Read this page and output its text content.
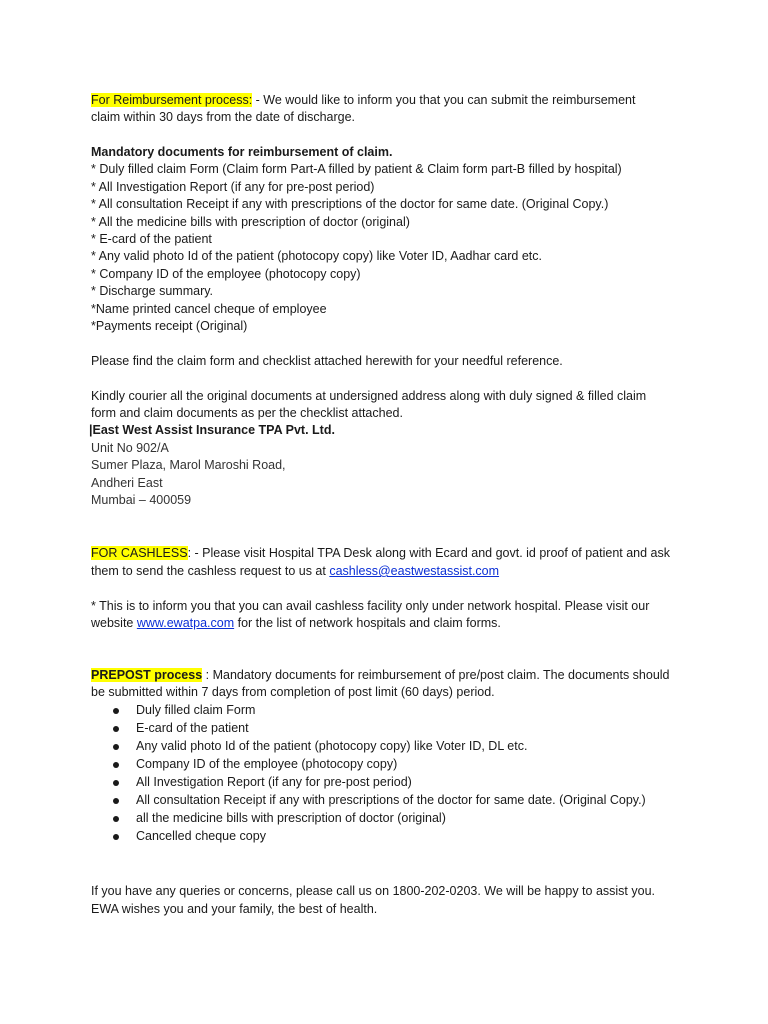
For Reimbursement process: - We would like to inform you that you can submit the reimbursement
claim within 30 days from the date of discharge.
Mandatory documents for reimbursement of claim.
* Duly filled claim Form (Claim form Part-A filled by patient & Claim form part-B filled by hospital)
* All Investigation Report (if any for pre-post period)
* All consultation Receipt if any with prescriptions of the doctor for same date. (Original Copy.)
* All the medicine bills with prescription of doctor (original)
* E-card of the patient
* Any valid photo Id of the patient (photocopy copy) like Voter ID, Aadhar card etc.
* Company ID of the employee (photocopy copy)
* Discharge summary.
*Name printed cancel cheque of employee
*Payments receipt (Original)
Please find the claim form and checklist attached herewith for your needful reference.
Kindly courier all the original documents at undersigned address along with duly signed & filled claim
form and claim documents as per the checklist attached.
|East West Assist Insurance TPA Pvt. Ltd.
Unit No 902/A
Sumer Plaza, Marol Maroshi Road,
Andheri East
Mumbai – 400059
FOR CASHLESS: - Please visit Hospital TPA Desk along with Ecard and govt. id proof of patient and ask
them to send the cashless request to us at cashless@eastwestassist.com
* This is to inform you that you can avail cashless facility only under network hospital. Please visit our
website www.ewatpa.com for the list of network hospitals and claim forms.
PREPOST process : Mandatory documents for reimbursement of pre/post claim. The documents should
be submitted within 7 days from completion of post limit (60 days) period.
Duly filled claim Form
E-card of the patient
Any valid photo Id of the patient (photocopy copy) like Voter ID, DL etc.
Company ID of the employee (photocopy copy)
All Investigation Report (if any for pre-post period)
All consultation Receipt if any with prescriptions of the doctor for same date. (Original Copy.)
all the medicine bills with prescription of doctor (original)
Cancelled cheque copy
If you have any queries or concerns, please call us on 1800-202-0203. We will be happy to assist you.
EWA wishes you and your family, the best of health.
